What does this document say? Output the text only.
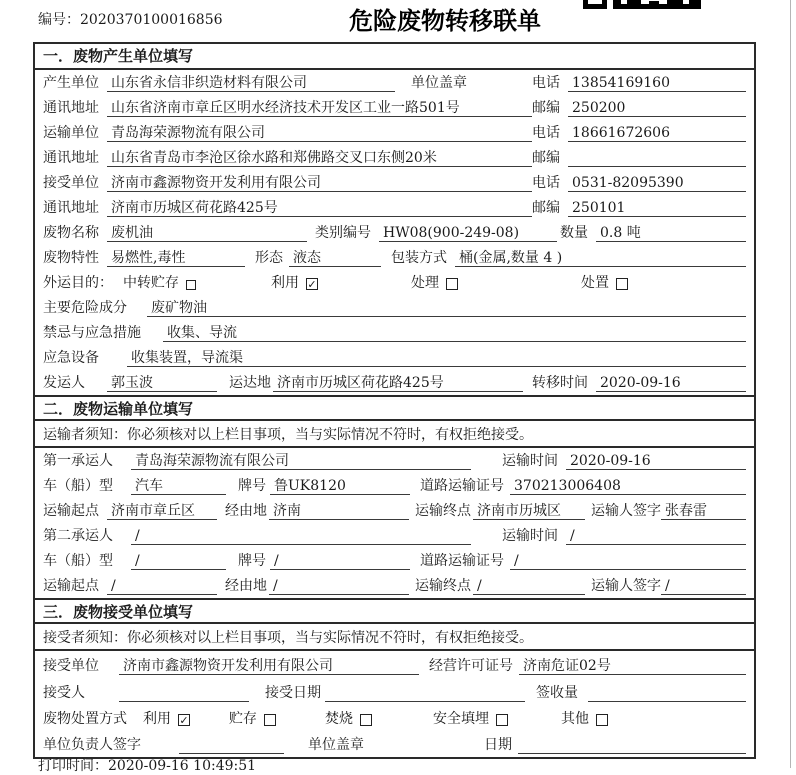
编号：2020370100016856	危险废物转移联单
一．废物产生单位填写
产生单位 山东省永信非织造材料有限公司	单位盖章	电话 13854169160
通讯地址 山东省济南市章丘区明水经济技术开发区工业一路501号	邮编 250200
运输单位 青岛海荣源物流有限公司	电话 18661672606
通讯地址 山东省青岛市李沧区徐水路和郑佛路交叉口东侧20米	邮编
接受单位 济南市鑫源物资开发利用有限公司	电话 0531-82095390
通讯地址 济南市历城区荷花路425号	邮编 250101
废物名称 废机油	类别编号 HW08(900-249-08)	数量 0.8 吨
废物特性 易燃性,毒性	形态 液态	包装方式 桶(金属,数量 4 )
外运目的： 中转贮存	利用 ✓	处理	处置
主要危险成分	废矿物油
禁忌与应急措施	收集、导流
应急设备	收集装置，导流渠
发运人	郭玉波	运达地 济南市历城区荷花路425号	转移时间 2020-09-16
二．废物运输单位填写
运输者须知：你必须核对以上栏目事项，当与实际情况不符时，有权拒绝接受。
第一承运人	青岛海荣源物流有限公司	运输时间 2020-09-16
车（船）型	汽车	牌号 鲁UK8120	道路运输证号 370213006408
运输起点 济南市章丘区	经由地 济南	运输终点 济南市历城区	运输人签字 张春雷
第二承运人	/	运输时间 /
车（船）型	/	牌号 /	道路运输证号 /
运输起点 /	经由地 /	运输终点 /	运输人签字 /
三．废物接受单位填写
接受者须知：你必须核对以上栏目事项，当与实际情况不符时，有权拒绝接受。
接受单位	济南市鑫源物资开发利用有限公司	经营许可证号 济南危证02号
接受人	接受日期	签收量
废物处置方式	利用 ✓	贮存	焚烧	安全填埋	其他
单位负责人签字	单位盖章	日期
打印时间：2020-09-16 10:49:51
